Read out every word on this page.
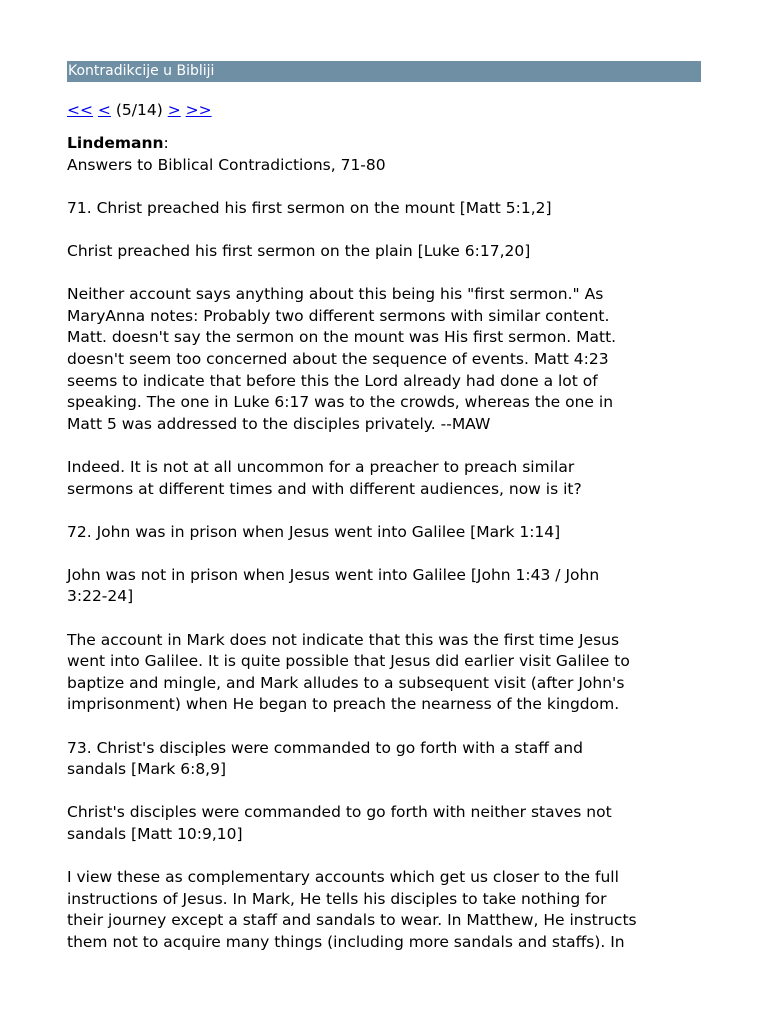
Kontradikcije u Bibliji
<< < (5/14) > >>

Lindemann:
Answers to Biblical Contradictions, 71-80

71. Christ preached his first sermon on the mount [Matt 5:1,2]

Christ preached his first sermon on the plain [Luke 6:17,20]

Neither account says anything about this being his "first sermon." As
MaryAnna notes: Probably two different sermons with similar content.
Matt. doesn't say the sermon on the mount was His first sermon. Matt.
doesn't seem too concerned about the sequence of events. Matt 4:23
seems to indicate that before this the Lord already had done a lot of
speaking. The one in Luke 6:17 was to the crowds, whereas the one in
Matt 5 was addressed to the disciples privately. --MAW

Indeed. It is not at all uncommon for a preacher to preach similar
sermons at different times and with different audiences, now is it?

72. John was in prison when Jesus went into Galilee [Mark 1:14]

John was not in prison when Jesus went into Galilee [John 1:43 / John
3:22-24]

The account in Mark does not indicate that this was the first time Jesus
went into Galilee. It is quite possible that Jesus did earlier visit Galilee to
baptize and mingle, and Mark alludes to a subsequent visit (after John's
imprisonment) when He began to preach the nearness of the kingdom.

73. Christ's disciples were commanded to go forth with a staff and
sandals [Mark 6:8,9]

Christ's disciples were commanded to go forth with neither staves not
sandals [Matt 10:9,10]

I view these as complementary accounts which get us closer to the full
instructions of Jesus. In Mark, He tells his disciples to take nothing for
their journey except a staff and sandals to wear. In Matthew, He instructs
them not to acquire many things (including more sandals and staffs). In
